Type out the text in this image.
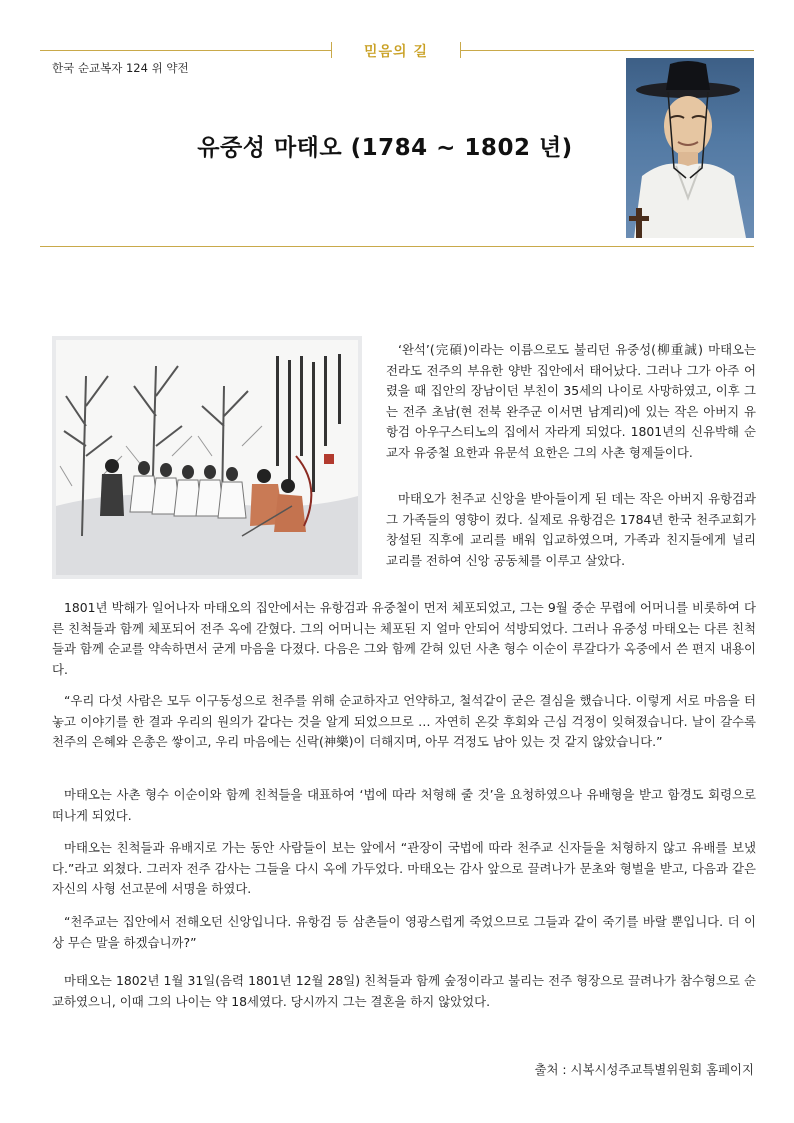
믿음의 길
한국 순교복자 124 위 약전
유중성 마태오 (1784 ~ 1802 년)
‘완석’(完碩)이라는 이름으로도 불리던 유중성(柳重誠) 마태오는 전라도 전주의 부유한 양반 집안에서 태어났다. 그러나 그가 아주 어렸을 때 집안의 장남이던 부친이 35세의 나이로 사망하였고, 이후 그는 전주 초남(현 전북 완주군 이서면 남계리)에 있는 작은 아버지 유항검 아우구스티노의 집에서 자라게 되었다. 1801년의 신유박해 순교자 유중철 요한과 유문석 요한은 그의 사촌 형제들이다.
마태오가 천주교 신앙을 받아들이게 된 데는 작은 아버지 유항검과 그 가족들의 영향이 컸다. 실제로 유항검은 1784년 한국 천주교회가 창설된 직후에 교리를 배워 입교하였으며, 가족과 친지들에게 널리 교리를 전하여 신앙 공동체를 이루고 살았다.
1801년 박해가 일어나자 마태오의 집안에서는 유항검과 유중철이 먼저 체포되었고, 그는 9월 중순 무렵에 어머니를 비롯하여 다른 친척들과 함께 체포되어 전주 옥에 갇혔다. 그의 어머니는 체포된 지 얼마 안되어 석방되었다. 그러나 유중성 마태오는 다른 친척들과 함께 순교를 약속하면서 굳게 마음을 다졌다. 다음은 그와 함께 갇혀 있던 사촌 형수 이순이 루갈다가 옥중에서 쓴 편지 내용이다.
“우리 다섯 사람은 모두 이구동성으로 천주를 위해 순교하자고 언약하고, 철석같이 굳은 결심을 했습니다. 이렇게 서로 마음을 터놓고 이야기를 한 결과 우리의 원의가 같다는 것을 알게 되었으므로 … 자연히 온갖 후회와 근심 걱정이 잊혀졌습니다. 날이 갈수록 천주의 은혜와 은총은 쌓이고, 우리 마음에는 신락(神樂)이 더해지며, 아무 걱정도 남아 있는 것 같지 않았습니다.”
마태오는 사촌 형수 이순이와 함께 친척들을 대표하여 ‘법에 따라 처형해 줄 것’을 요청하였으나 유배형을 받고 함경도 회령으로 떠나게 되었다.
마태오는 친척들과 유배지로 가는 동안 사람들이 보는 앞에서 “관장이 국법에 따라 천주교 신자들을 처형하지 않고 유배를 보냈다.”라고 외쳤다. 그러자 전주 감사는 그들을 다시 옥에 가두었다. 마태오는 감사 앞으로 끌려나가 문초와 형벌을 받고, 다음과 같은 자신의 사형 선고문에 서명을 하였다.
“천주교는 집안에서 전해오던 신앙입니다. 유항검 등 삼촌들이 영광스럽게 죽었으므로 그들과 같이 죽기를 바랄 뿐입니다. 더 이상 무슨 말을 하겠습니까?”
마태오는 1802년 1월 31일(음력 1801년 12월 28일) 친척들과 함께 숲정이라고 불리는 전주 형장으로 끌려나가 참수형으로 순교하였으니, 이때 그의 나이는 약 18세였다. 당시까지 그는 결혼을 하지 않았었다.
출처 : 시복시성주교특별위원회 홈페이지
